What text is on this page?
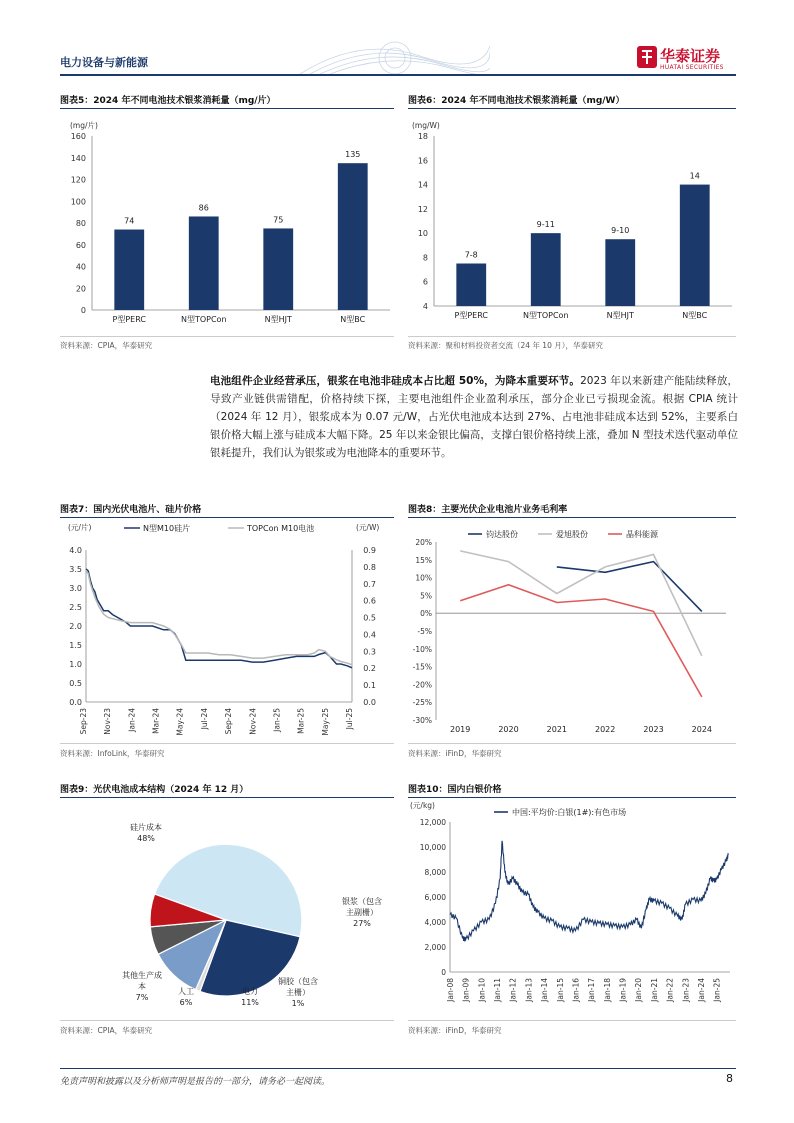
电力设备与新能源	华泰证券
HUATAI SECURITIES
图表5：2024 年不同电池技术银浆消耗量（mg/片）
(mg/片)
0
20
40
60
80
100
120
140
160
74
P型PERC
86
N型TOPCon
75
N型HJT
135
N型BC
资料来源：CPIA，华泰研究
图表6：2024 年不同电池技术银浆消耗量（mg/W）
(mg/W)
4
6
8
10
12
14
16
18
7-8
P型PERC
9-11
N型TOPCon
9-10
N型HJT
14
N型BC
资料来源：聚和材料投资者交流（24 年 10 月），华泰研究
电池组件企业经营承压，银浆在电池非硅成本占比超 50%，为降本重要环节。2023 年以来新建产能陆续释放，导致产业链供需错配，价格持续下探，主要电池组件企业盈利承压，部分企业已亏损现金流。根据 CPIA 统计（2024 年 12 月），银浆成本为 0.07 元/W，占光伏电池成本达到 27%、占电池非硅成本达到 52%，主要系白银价格大幅上涨与硅成本大幅下降。25 年以来金银比偏高，支撑白银价格持续上涨，叠加 N 型技术迭代驱动单位银耗提升，我们认为银浆或为电池降本的重要环节。
图表7：国内光伏电池片、硅片价格
(元/片)	(元/W)
0.0
0.5
1.0
1.5
2.0
2.5
3.0
3.5
4.0
0.0
0.1
0.2
0.3
0.4
0.5
0.6
0.7
0.8
0.9
Sep-23 Nov-23 Jan-24 Mar-24 May-24 Jul-24 Sep-24 Nov-24 Jan-25 Mar-25 May-25 Jul-25
N型M10硅片	TOPCon M10电池
资料来源：InfoLink，华泰研究
图表8：主要光伏企业电池片业务毛利率
20%
15%
10%
5%
0%
-5%
-10%
-15%
-20%
-25%
-30%
2019	2020	2021	2022	2023	2024
钧达股份	爱旭股份	晶科能源
资料来源：iFinD，华泰研究
图表9：光伏电池成本结构（2024 年 12 月）
硅片成本
48%
银浆（包含
主副栅）
27%
铜胶（包含
主栅）
1%
电力
11%
人工
6%
其他生产成
本
7%
资料来源：CPIA，华泰研究
图表10：国内白银价格
(元/kg)
0
2,000
4,000
6,000
8,000
10,000
12,000
Jan-08 Jan-09 Jan-10 Jan-11 Jan-12 Jan-13 Jan-14 Jan-15 Jan-16 Jan-17 Jan-18 Jan-19 Jan-20 Jan-21 Jan-22 Jan-23 Jan-24 Jan-25
中国:平均价:白银(1#):有色市场
资料来源：iFinD，华泰研究
免责声明和披露以及分析师声明是报告的一部分，请务必一起阅读。	8
